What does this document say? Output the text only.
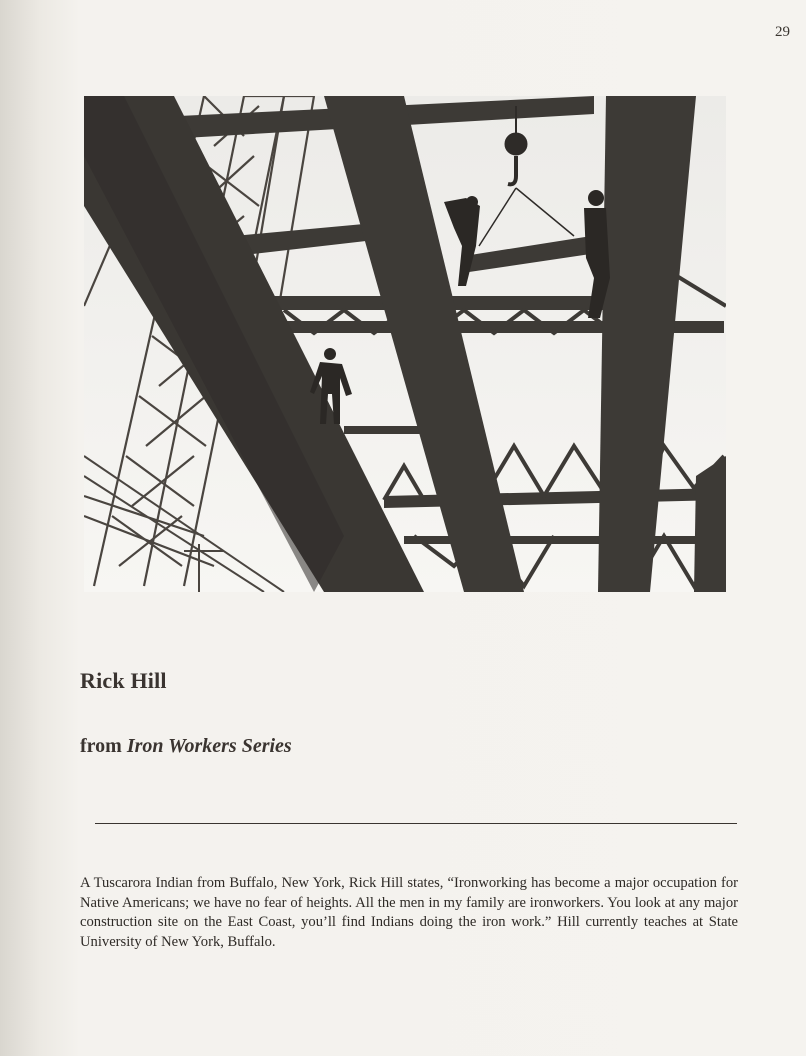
29
Rick Hill
from Iron Workers Series

A Tuscarora Indian from Buffalo, New York, Rick Hill states, “Ironworking has become a major occupation for Native Americans; we have no fear of heights. All the men in my family are ironworkers. You look at any major construction site on the East Coast, you’ll find Indians doing the iron work.” Hill currently teaches at State University of New York, Buffalo.
